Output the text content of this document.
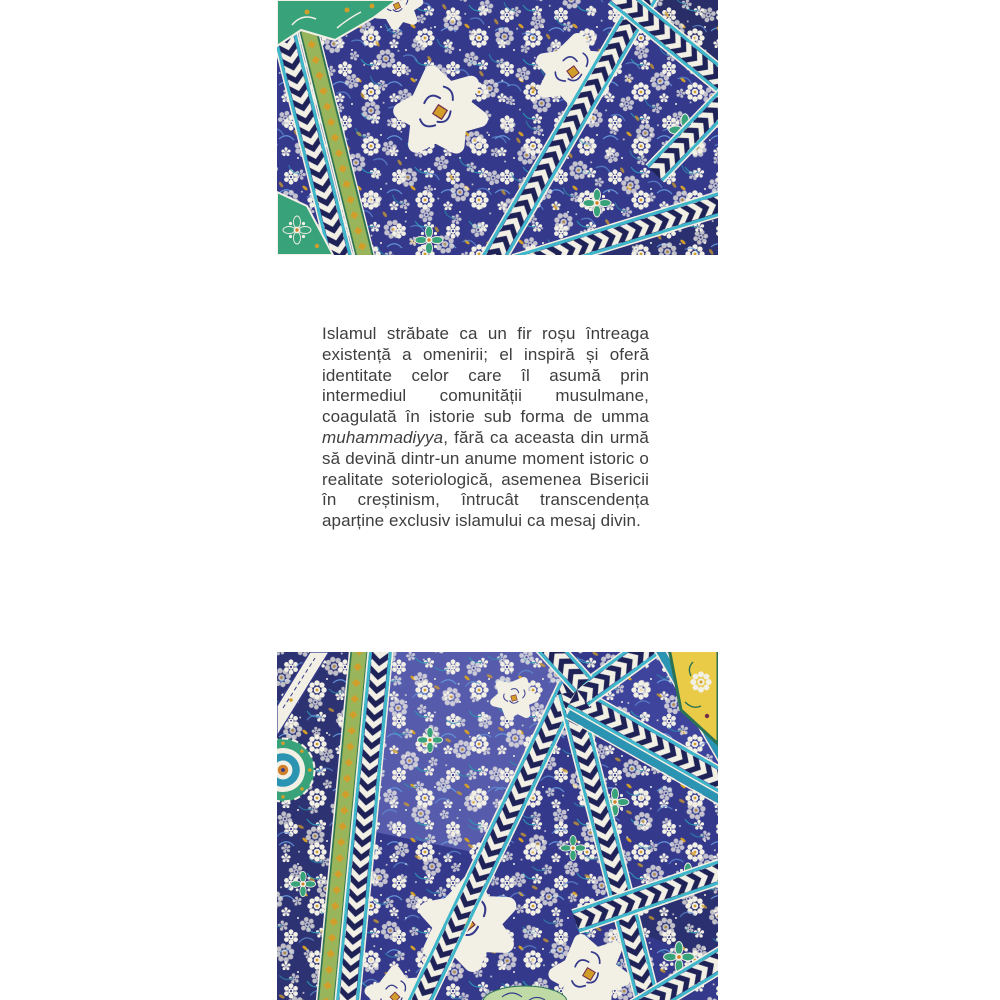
Islamul străbate ca un fir roșu întreaga existență a omenirii; el inspiră și oferă identitate celor care îl asumă prin intermediul comunității musulmane, coagulată în istorie sub forma de umma muhammadiyya, fără ca aceasta din urmă să devină dintr-un anume moment istoric o realitate soteriologică, asemenea Bisericii în creștinism, întrucât transcendența aparține exclusiv islamului ca mesaj divin.
